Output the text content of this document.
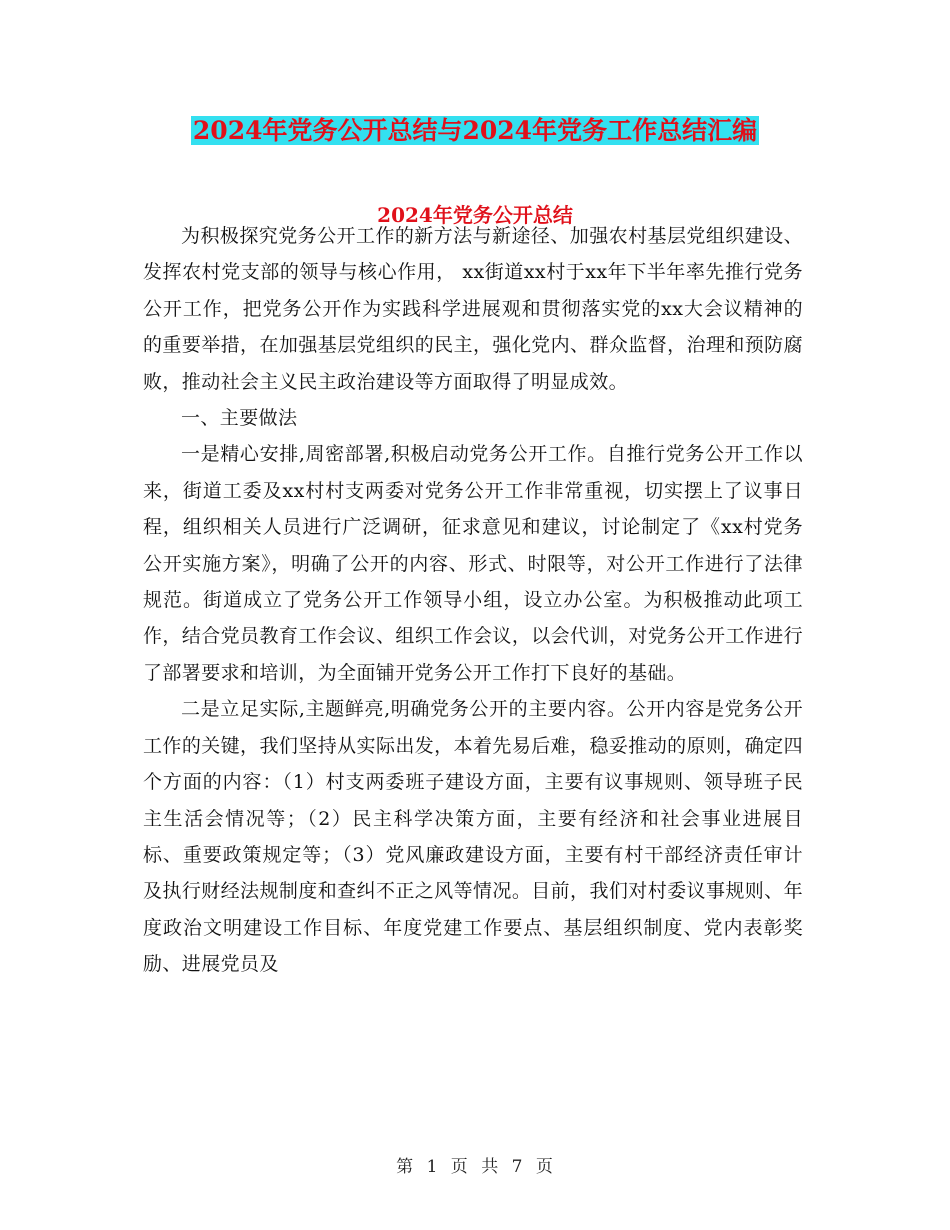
2024年党务公开总结与2024年党务工作总结汇编
2024年党务公开总结

为积极探究党务公开工作的新方法与新途径、加强农村基层党组织建设、发挥农村党支部的领导与核心作用， xx街道xx村于xx年下半年率先推行党务公开工作，把党务公开作为实践科学进展观和贯彻落实党的xx大会议精神的的重要举措，在加强基层党组织的民主，强化党内、群众监督，治理和预防腐败，推动社会主义民主政治建设等方面取得了明显成效。

一、主要做法

一是精心安排,周密部署,积极启动党务公开工作。自推行党务公开工作以来，街道工委及xx村村支两委对党务公开工作非常重视，切实摆上了议事日程，组织相关人员进行广泛调研，征求意见和建议，讨论制定了《xx村党务公开实施方案》，明确了公开的内容、形式、时限等，对公开工作进行了法律规范。街道成立了党务公开工作领导小组，设立办公室。为积极推动此项工作，结合党员教育工作会议、组织工作会议，以会代训，对党务公开工作进行了部署要求和培训，为全面铺开党务公开工作打下良好的基础。

二是立足实际,主题鲜亮,明确党务公开的主要内容。公开内容是党务公开工作的关键，我们坚持从实际出发，本着先易后难，稳妥推动的原则，确定四个方面的内容：（1）村支两委班子建设方面，主要有议事规则、领导班子民主生活会情况等；（2）民主科学决策方面，主要有经济和社会事业进展目标、重要政策规定等；（3）党风廉政建设方面，主要有村干部经济责任审计及执行财经法规制度和查纠不正之风等情况。目前，我们对村委议事规则、年度政治文明建设工作目标、年度党建工作要点、基层组织制度、党内表彰奖励、进展党员及

第 1 页 共 7 页
